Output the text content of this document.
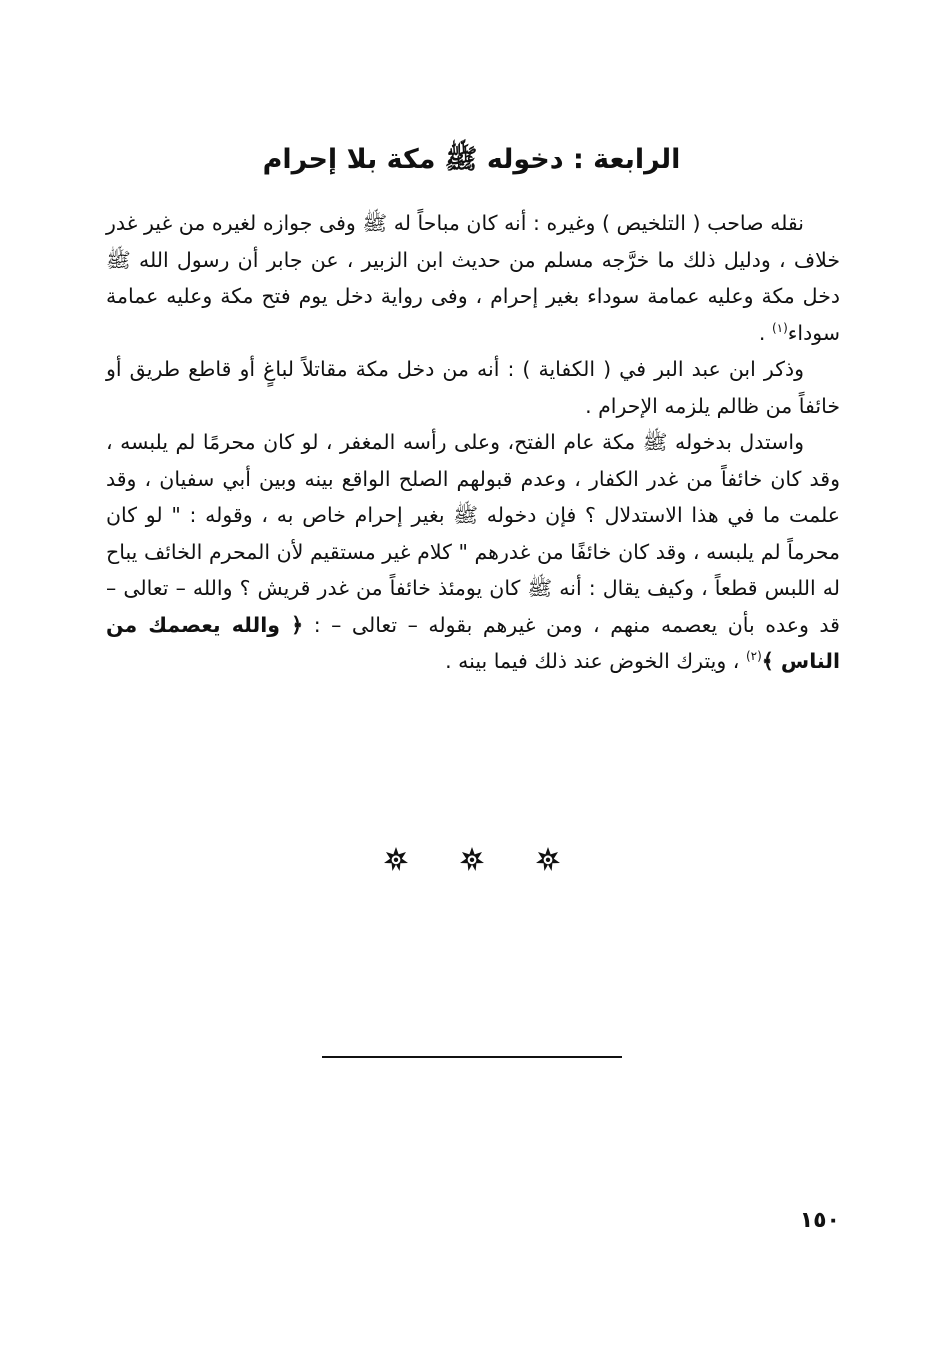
الرابعة : دخوله ﷺ مكة بلا إحرام

نقله صاحب ( التلخيص ) وغيره : أنه كان مباحاً له ﷺ وفى جوازه لغيره من غير غدر خلاف ، ودليل ذلك ما خرَّجه مسلم من حديث ابن الزبير ، عن جابر أن رسول الله ﷺ دخل مكة وعليه عمامة سوداء بغير إحرام ، وفى رواية دخل يوم فتح مكة وعليه عمامة سوداء$^{(١)}$ .

وذكر ابن عبد البر في ( الكفاية ) : أنه من دخل مكة مقاتلاً لباغٍ أو قاطع طريق أو خائفاً من ظالم يلزمه الإحرام .

واستدل بدخوله ﷺ مكة عام الفتح، وعلى رأسه المغفر ، لو كان محرمًا لم يلبسه ، وقد كان خائفاً من غدر الكفار ، وعدم قبولهم الصلح الواقع بينه وبين أبي سفيان ، وقد علمت ما في هذا الاستدلال ؟ فإن دخوله ﷺ بغير إحرام خاص به ، وقوله : " لو كان محرماً لم يلبسه ، وقد كان خائفًا من غدرهم " كلام غير مستقيم لأن المحرم الخائف يباح له اللبس قطعاً ، وكيف يقال : أنه ﷺ كان يومئذ خائفاً من غدر قريش ؟ والله – تعالى – قد وعده بأن يعصمه منهم ، ومن غيرهم بقوله – تعالى – : ﴿ والله يعصمك من الناس ﴾$^{(٢)}$ ، ويترك الخوض عند ذلك فيما بينه .

١٥٠
